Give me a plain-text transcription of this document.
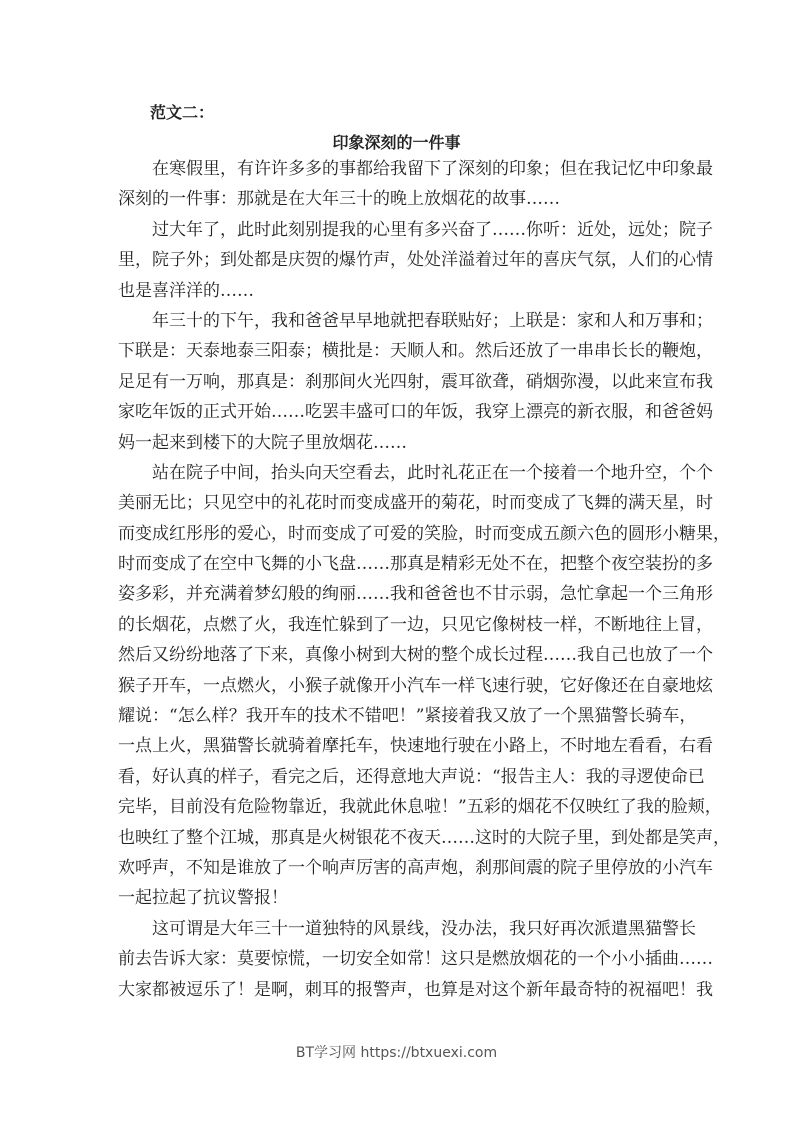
范文二：
印象深刻的一件事
在寒假里，有许许多多的事都给我留下了深刻的印象；但在我记忆中印象最
深刻的一件事：那就是在大年三十的晚上放烟花的故事……
过大年了，此时此刻别提我的心里有多兴奋了……你听：近处，远处；院子
里，院子外；到处都是庆贺的爆竹声，处处洋溢着过年的喜庆气氛，人们的心情
也是喜洋洋的……
年三十的下午，我和爸爸早早地就把春联贴好；上联是：家和人和万事和；
下联是：天泰地泰三阳泰；横批是：天顺人和。然后还放了一串串长长的鞭炮，
足足有一万响，那真是：刹那间火光四射，震耳欲聋，硝烟弥漫，以此来宣布我
家吃年饭的正式开始……吃罢丰盛可口的年饭，我穿上漂亮的新衣服，和爸爸妈
妈一起来到楼下的大院子里放烟花……
站在院子中间，抬头向天空看去，此时礼花正在一个接着一个地升空，个个
美丽无比；只见空中的礼花时而变成盛开的菊花，时而变成了飞舞的满天星，时
而变成红彤彤的爱心，时而变成了可爱的笑脸，时而变成五颜六色的圆形小糖果，
时而变成了在空中飞舞的小飞盘……那真是精彩无处不在，把整个夜空装扮的多
姿多彩，并充满着梦幻般的绚丽……我和爸爸也不甘示弱，急忙拿起一个三角形
的长烟花，点燃了火，我连忙躲到了一边，只见它像树枝一样，不断地往上冒，
然后又纷纷地落了下来，真像小树到大树的整个成长过程……我自己也放了一个
猴子开车，一点燃火，小猴子就像开小汽车一样飞速行驶，它好像还在自豪地炫
耀说：“怎么样？我开车的技术不错吧！”紧接着我又放了一个黑猫警长骑车，
一点上火，黑猫警长就骑着摩托车，快速地行驶在小路上，不时地左看看，右看
看，好认真的样子，看完之后，还得意地大声说：“报告主人：我的寻逻使命已
完毕，目前没有危险物靠近，我就此休息啦！”五彩的烟花不仅映红了我的脸颊，
也映红了整个江城，那真是火树银花不夜天……这时的大院子里，到处都是笑声，
欢呼声，不知是谁放了一个响声厉害的高声炮，刹那间震的院子里停放的小汽车
一起拉起了抗议警报！
这可谓是大年三十一道独特的风景线，没办法，我只好再次派遣黑猫警长
前去告诉大家：莫要惊慌，一切安全如常！这只是燃放烟花的一个小小插曲……
大家都被逗乐了！是啊，刺耳的报警声，也算是对这个新年最奇特的祝福吧！我
BT学习网 https://btxuexi.com
